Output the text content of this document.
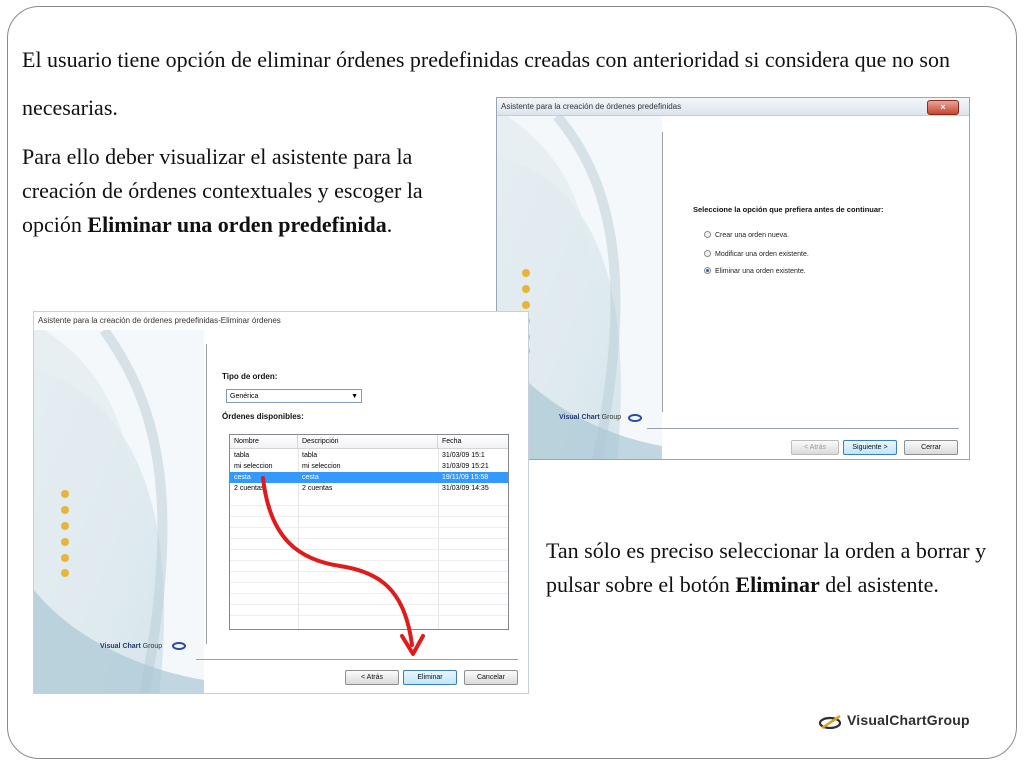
El usuario tiene opción de eliminar órdenes predefinidas creadas con anterioridad si considera que no son necesarias.
Para ello deber visualizar el asistente para la creación de órdenes contextuales y escoger la opción Eliminar una orden predefinida.
Tan sólo es preciso seleccionar la orden a borrar y pulsar sobre el botón Eliminar del asistente.
Asistente para la creación de órdenes predefinidas	×
Visual Chart Group
Seleccione la opción que prefiera antes de continuar:
Crear una orden nueva.
Modificar una orden existente.
Eliminar una orden existente.
< Atrás	Siguiente >	Cerrar
Asistente para la creación de órdenes predefinidas-Eliminar órdenes
Visual Chart Group
Tipo de orden:
Genérica	▼
Órdenes disponibles:
Nombre	Descripción	Fecha
tabla	tabla	31/03/09 15:1
mi seleccion	mi seleccion	31/03/09 15:21
cesta	cesta	19/11/09 15:58
2 cuentas	2 cuentas	31/03/09 14:35
< Atrás	Eliminar	Cancelar
VisualChartGroup
